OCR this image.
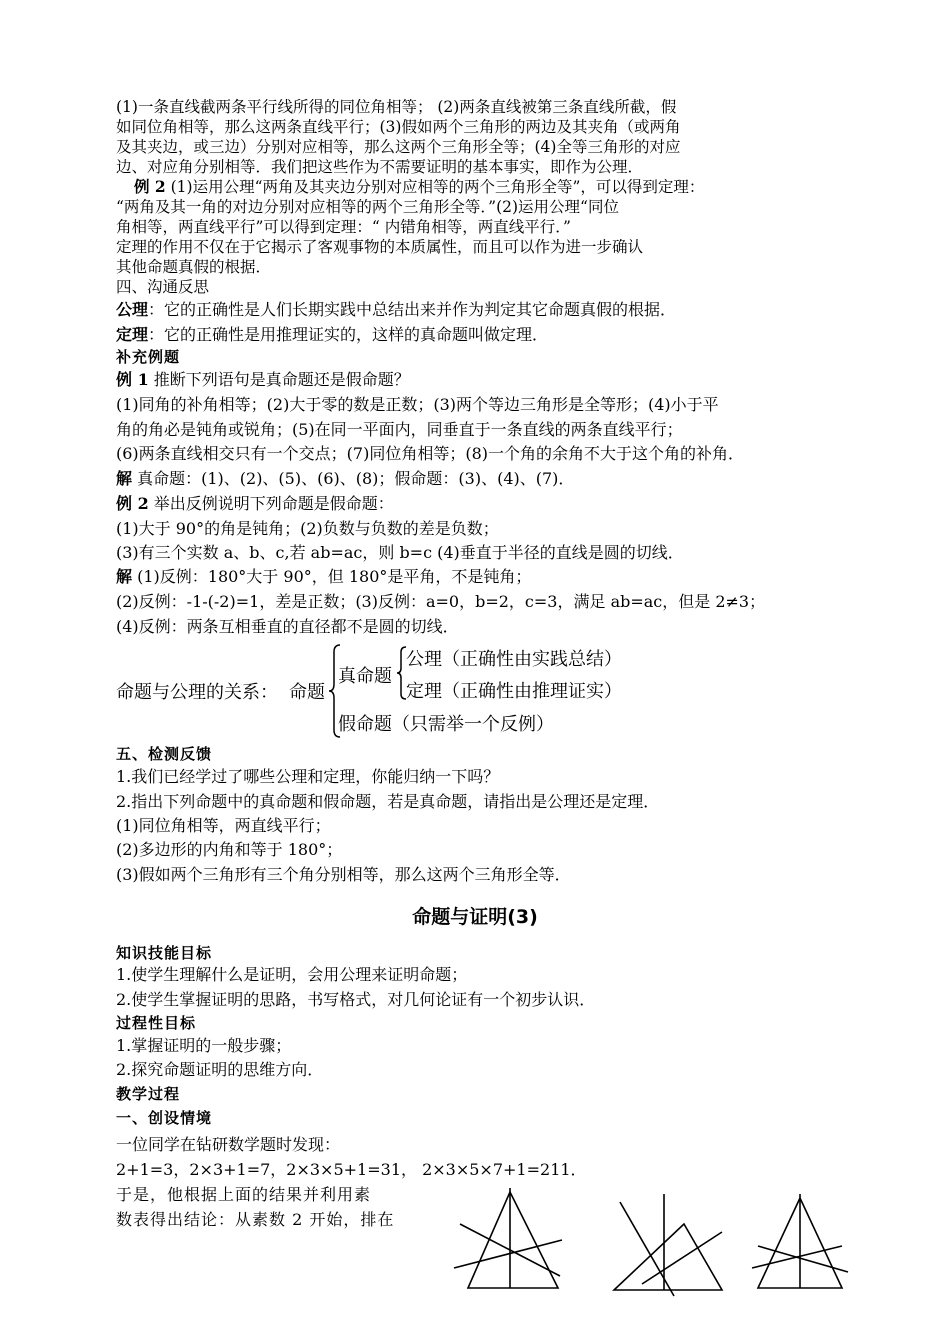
(1)一条直线截两条平行线所得的同位角相等； (2)两条直线被第三条直线所截，假
如同位角相等，那么这两条直线平行；(3)假如两个三角形的两边及其夹角（或两角
及其夹边，或三边）分别对应相等，那么这两个三角形全等；(4)全等三角形的对应
边、对应角分别相等．我们把这些作为不需要证明的基本事实，即作为公理．
例 2 (1)运用公理“两角及其夹边分别对应相等的两个三角形全等”，可以得到定理：
“两角及其一角的对边分别对应相等的两个三角形全等．”(2)运用公理“同位
角相等，两直线平行”可以得到定理：“ 内错角相等，两直线平行．”
定理的作用不仅在于它揭示了客观事物的本质属性，而且可以作为进一步确认
其他命题真假的根据．
四、沟通反思
公理：它的正确性是人们长期实践中总结出来并作为判定其它命题真假的根据．
定理：它的正确性是用推理证实的，这样的真命题叫做定理．
补充例题
例 1 推断下列语句是真命题还是假命题？
(1)同角的补角相等；(2)大于零的数是正数；(3)两个等边三角形是全等形；(4)小于平
角的角必是钝角或锐角；(5)在同一平面内，同垂直于一条直线的两条直线平行；
(6)两条直线相交只有一个交点；(7)同位角相等；(8)一个角的余角不大于这个角的补角．
解 真命题：(1)、(2)、(5)、(6)、(8)；假命题：(3)、(4)、(7)．
例 2 举出反例说明下列命题是假命题：
(1)大于 90°的角是钝角；(2)负数与负数的差是负数；
(3)有三个实数 a、b、c,若 ab=ac，则 b=c (4)垂直于半径的直线是圆的切线．
解 (1)反例：180°大于 90°，但 180°是平角，不是钝角；
(2)反例：-1-(-2)=1，差是正数；(3)反例：a=0，b=2，c=3，满足 ab=ac，但是 2≠3；
(4)反例：两条互相垂直的直径都不是圆的切线．
命题与公理的关系： 命题
真命题
公理（正确性由实践总结）
定理（正确性由推理证实）
假命题（只需举一个反例）
五、检测反馈
1.我们已经学过了哪些公理和定理，你能归纳一下吗？
2.指出下列命题中的真命题和假命题，若是真命题，请指出是公理还是定理．
(1)同位角相等，两直线平行；
(2)多边形的内角和等于 180°；
(3)假如两个三角形有三个角分别相等，那么这两个三角形全等．
命题与证明(3)
知识技能目标
1.使学生理解什么是证明，会用公理来证明命题；
2.使学生掌握证明的思路，书写格式，对几何论证有一个初步认识．
过程性目标
1.掌握证明的一般步骤；
2.探究命题证明的思维方向．
教学过程
一、创设情境
一位同学在钻研数学题时发现：
2+1=3，2×3+1=7，2×3×5+1=31， 2×3×5×7+1=211．
于是，他根据上面的结果并利用素
数表得出结论：从素数 2 开始，排在
